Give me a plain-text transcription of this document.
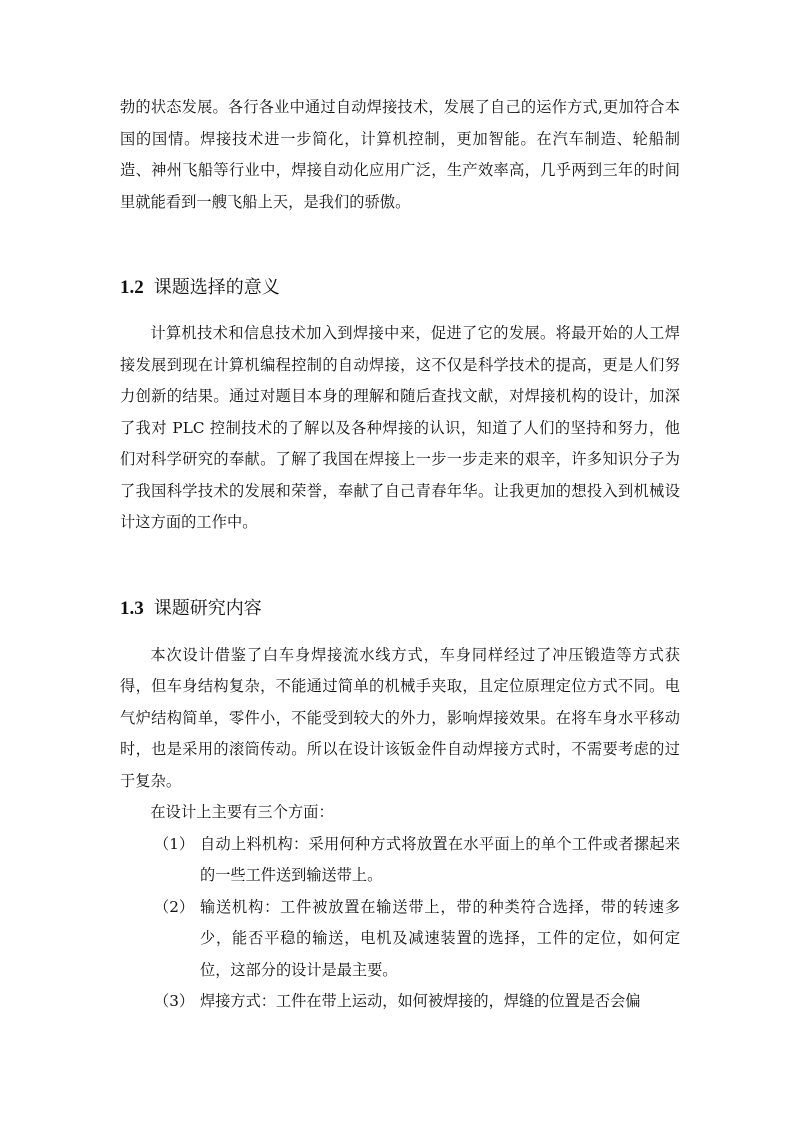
勃的状态发展。各行各业中通过自动焊接技术，发展了自己的运作方式,更加符合本国的国情。焊接技术进一步简化，计算机控制，更加智能。在汽车制造、轮船制造、神州飞船等行业中，焊接自动化应用广泛，生产效率高，几乎两到三年的时间里就能看到一艘飞船上天，是我们的骄傲。

1.2 课题选择的意义

计算机技术和信息技术加入到焊接中来，促进了它的发展。将最开始的人工焊接发展到现在计算机编程控制的自动焊接，这不仅是科学技术的提高，更是人们努力创新的结果。通过对题目本身的理解和随后查找文献，对焊接机构的设计，加深了我对 PLC 控制技术的了解以及各种焊接的认识，知道了人们的坚持和努力，他们对科学研究的奉献。了解了我国在焊接上一步一步走来的艰辛，许多知识分子为了我国科学技术的发展和荣誉，奉献了自己青春年华。让我更加的想投入到机械设计这方面的工作中。

1.3 课题研究内容

本次设计借鉴了白车身焊接流水线方式，车身同样经过了冲压锻造等方式获得，但车身结构复杂，不能通过简单的机械手夹取，且定位原理定位方式不同。电气炉结构简单，零件小，不能受到较大的外力，影响焊接效果。在将车身水平移动时，也是采用的滚筒传动。所以在设计该钣金件自动焊接方式时，不需要考虑的过于复杂。

在设计上主要有三个方面：

（1） 自动上料机构：采用何种方式将放置在水平面上的单个工件或者摞起来的一些工件送到输送带上。
（2） 输送机构：工件被放置在输送带上，带的种类符合选择，带的转速多少，能否平稳的输送，电机及减速装置的选择，工件的定位，如何定位，这部分的设计是最主要。
（3） 焊接方式：工件在带上运动，如何被焊接的，焊缝的位置是否会偏
